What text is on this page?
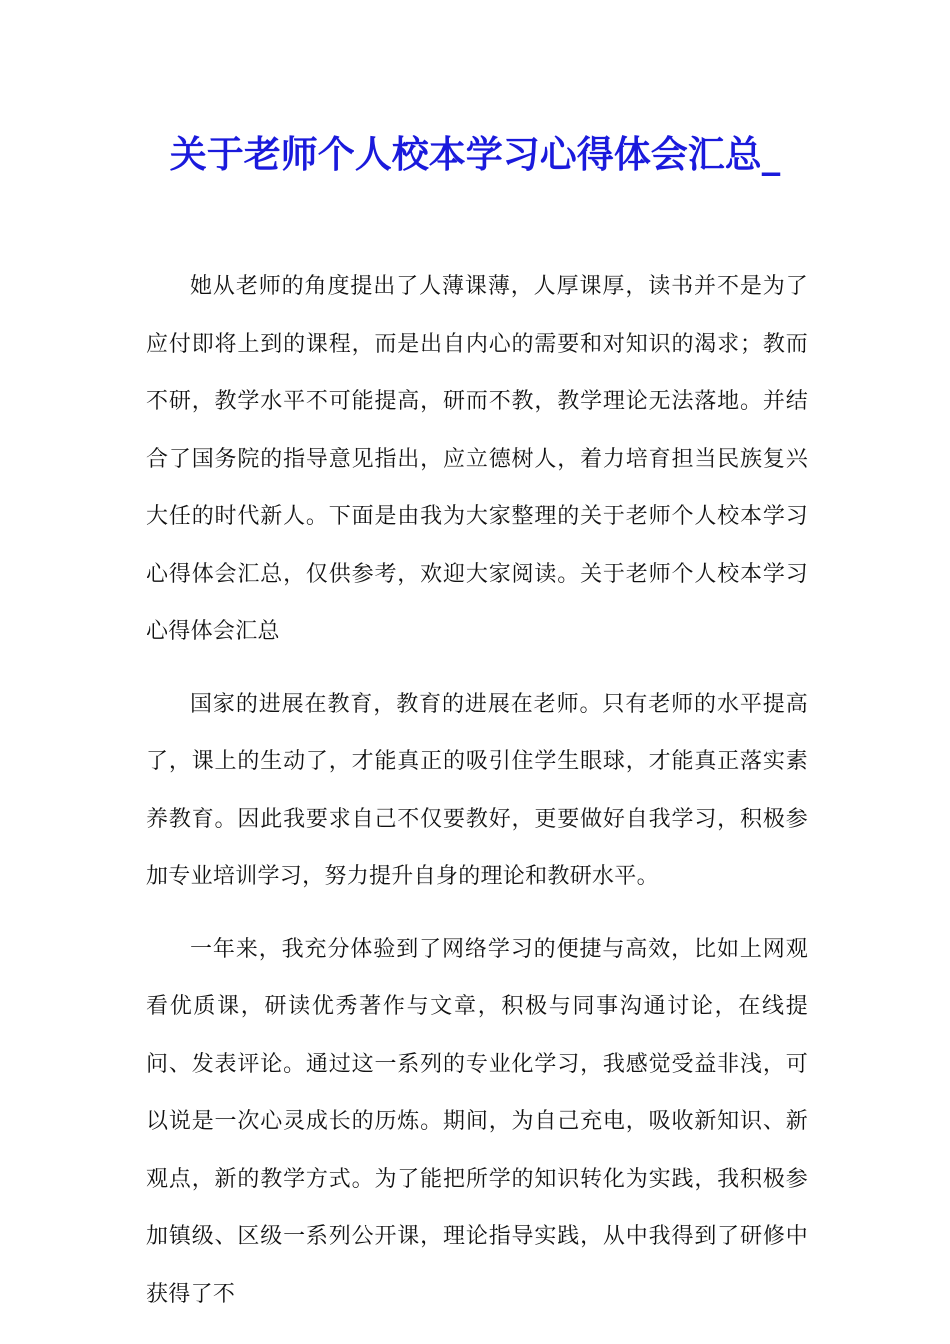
关于老师个人校本学习心得体会汇总_

她从老师的角度提出了人薄课薄，人厚课厚，读书并不是为了应付即将上到的课程，而是出自内心的需要和对知识的渴求；教而不研，教学水平不可能提高，研而不教，教学理论无法落地。并结合了国务院的指导意见指出，应立德树人，着力培育担当民族复兴大任的时代新人。下面是由我为大家整理的关于老师个人校本学习心得体会汇总，仅供参考，欢迎大家阅读。关于老师个人校本学习心得体会汇总

国家的进展在教育，教育的进展在老师。只有老师的水平提高了，课上的生动了，才能真正的吸引住学生眼球，才能真正落实素养教育。因此我要求自己不仅要教好，更要做好自我学习，积极参加专业培训学习，努力提升自身的理论和教研水平。

一年来，我充分体验到了网络学习的便捷与高效，比如上网观看优质课，研读优秀著作与文章，积极与同事沟通讨论，在线提问、发表评论。通过这一系列的专业化学习，我感觉受益非浅，可以说是一次心灵成长的历炼。期间，为自己充电，吸收新知识、新观点，新的教学方式。为了能把所学的知识转化为实践，我积极参加镇级、区级一系列公开课，理论指导实践，从中我得到了研修中获得了不
